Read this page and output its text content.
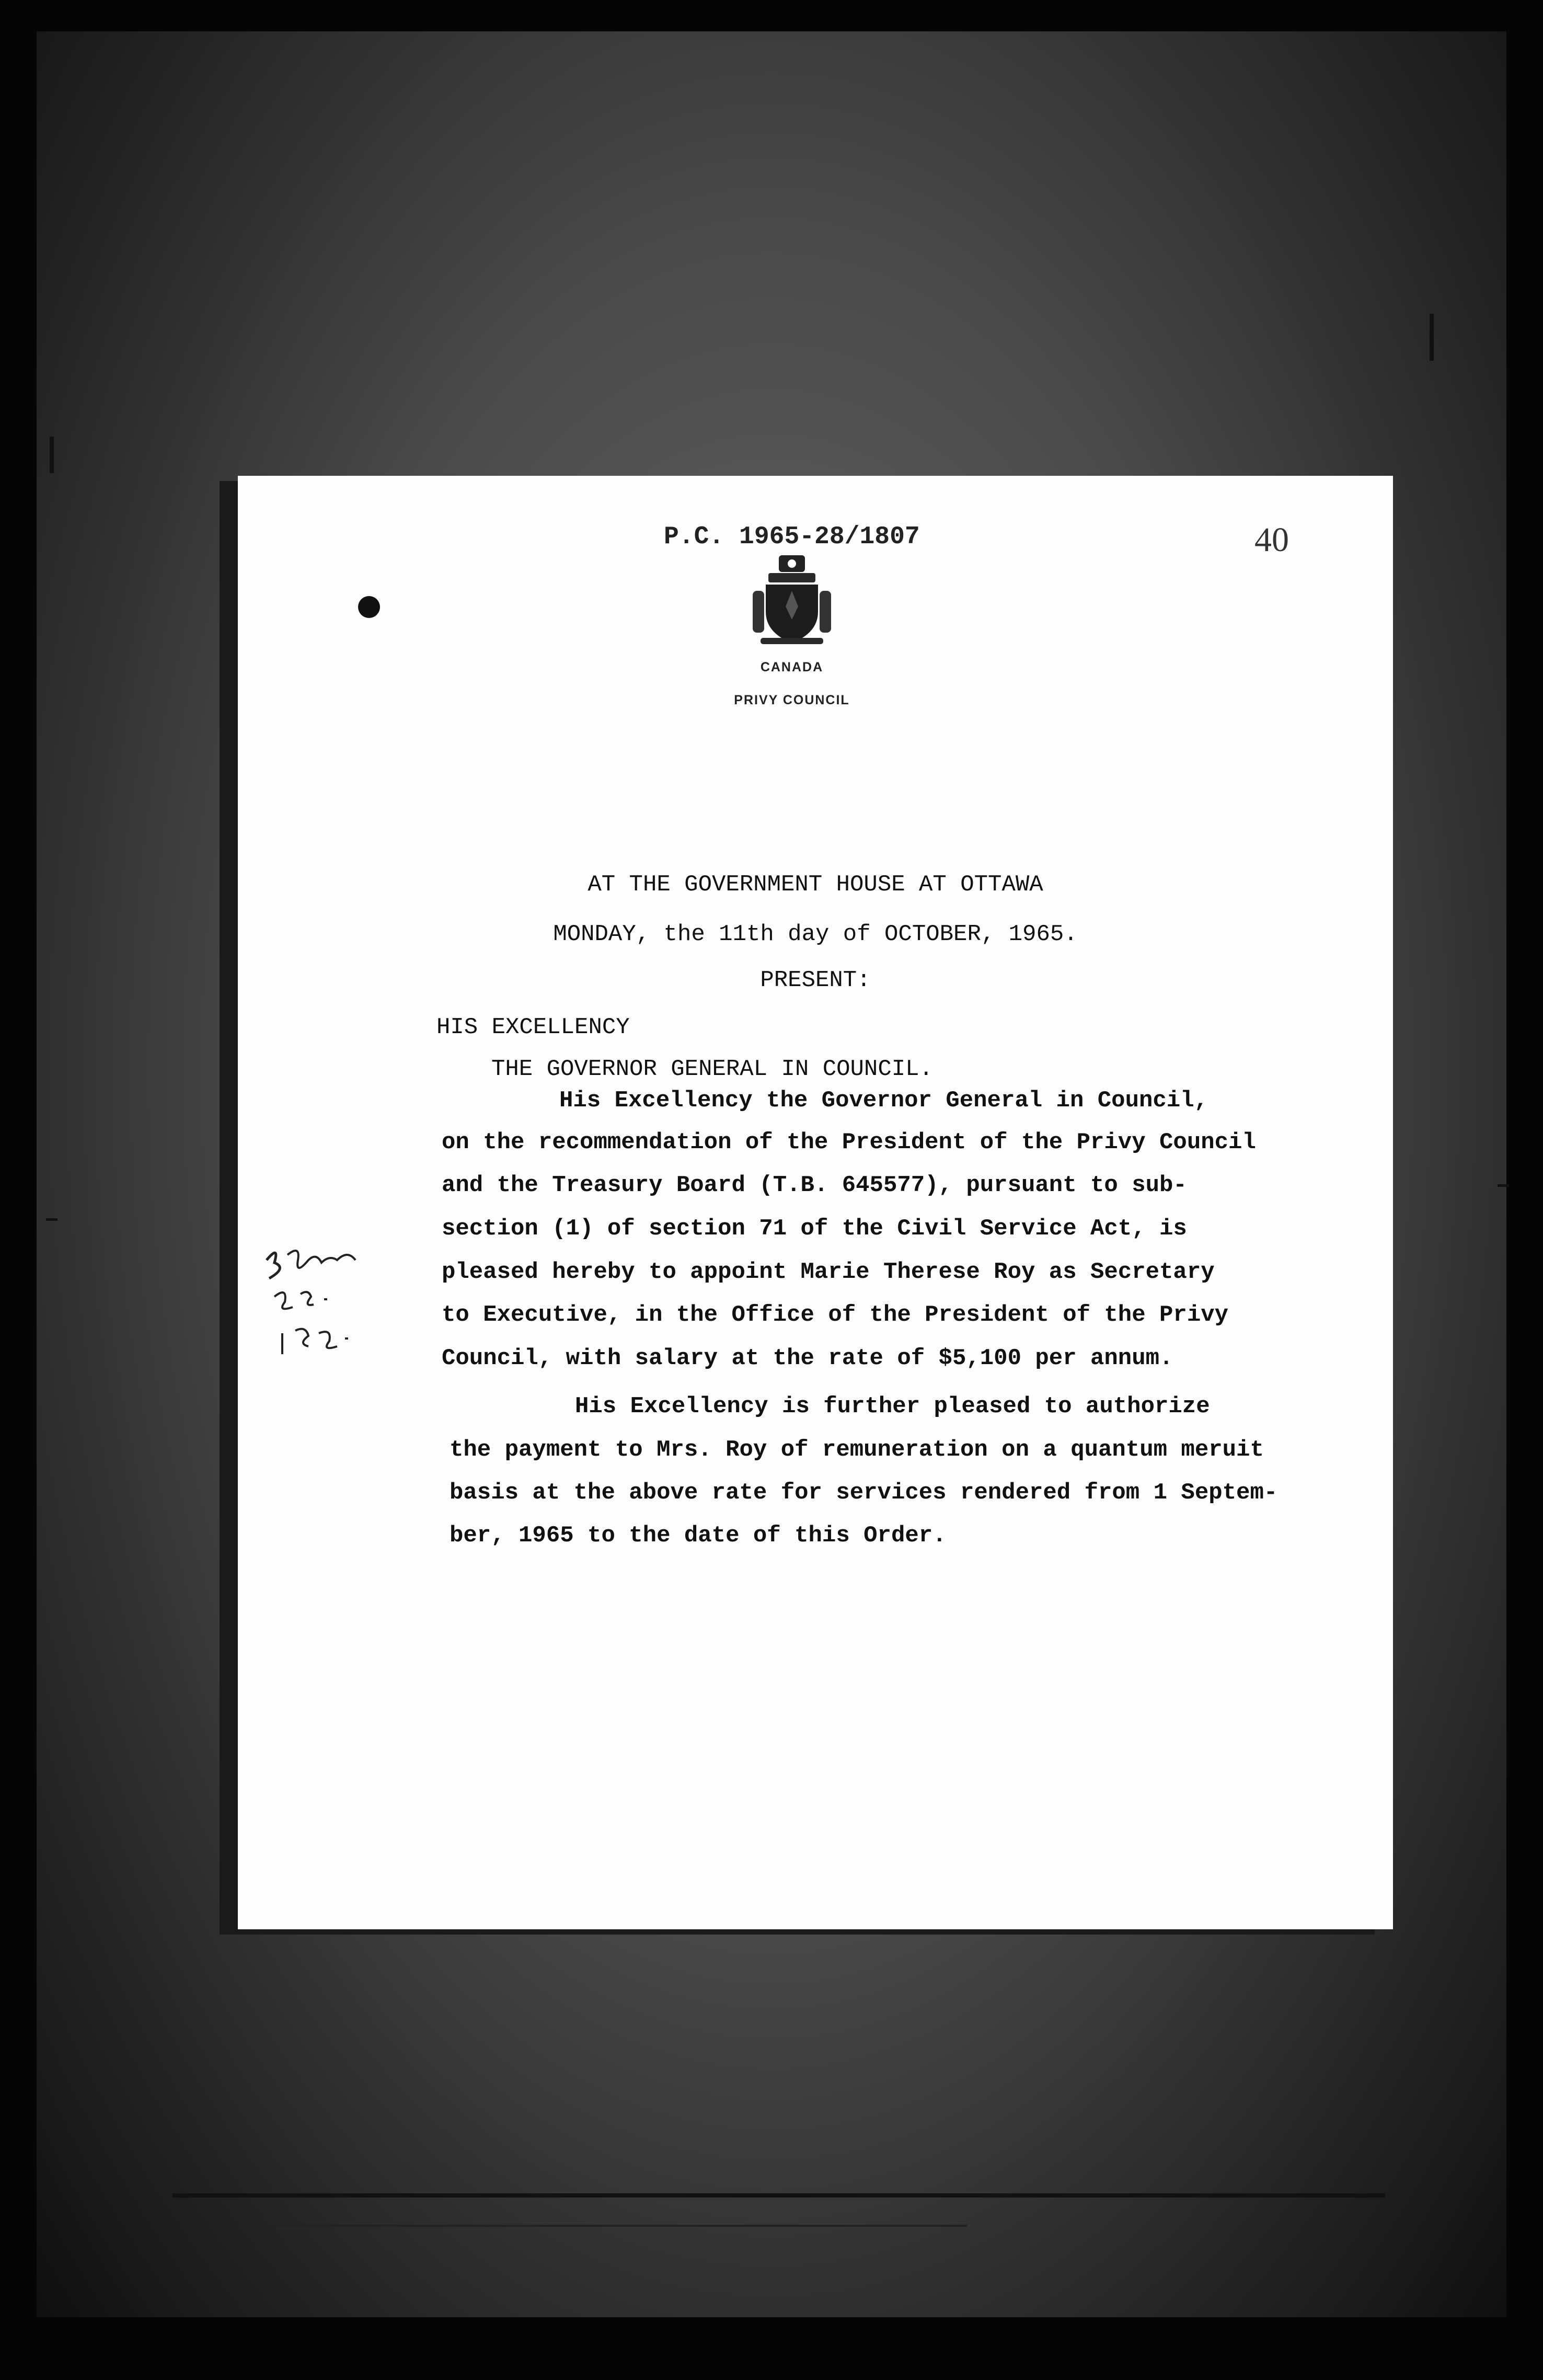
P.C. 1965-28/1807	40
CANADA
PRIVY COUNCIL
AT THE GOVERNMENT HOUSE AT OTTAWA
MONDAY, the 11th day of OCTOBER, 1965.
PRESENT:
HIS EXCELLENCY
THE GOVERNOR GENERAL IN COUNCIL.
His Excellency the Governor General in Council,
on the recommendation of the President of the Privy Council
and the Treasury Board (T.B. 645577), pursuant to sub-
section (1) of section 71 of the Civil Service Act, is
pleased hereby to appoint Marie Therese Roy as Secretary
to Executive, in the Office of the President of the Privy
Council, with salary at the rate of $5,100 per annum.
His Excellency is further pleased to authorize
the payment to Mrs. Roy of remuneration on a quantum meruit
basis at the above rate for services rendered from 1 Septem-
ber, 1965 to the date of this Order.
